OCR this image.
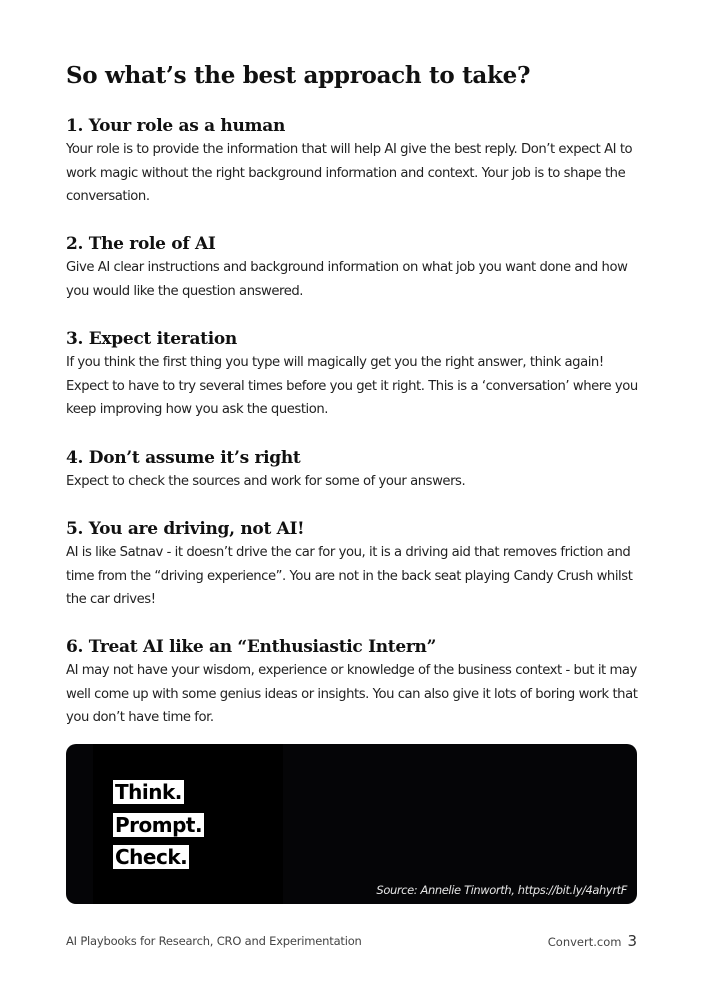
So what’s the best approach to take?
1. Your role as a human

Your role is to provide the information that will help AI give the best reply. Don’t expect AI to work magic without the right background information and context. Your job is to shape the conversation.

2. The role of AI

Give AI clear instructions and background information on what job you want done and how you would like the question answered.

3. Expect iteration

If you think the first thing you type will magically get you the right answer, think again! Expect to have to try several times before you get it right. This is a ‘conversation’ where you keep improving how you ask the question.

4. Don’t assume it’s right

Expect to check the sources and work for some of your answers.

5. You are driving, not AI!

AI is like Satnav - it doesn’t drive the car for you, it is a driving aid that removes friction and time from the “driving experience”. You are not in the back seat playing Candy Crush whilst the car drives!

6. Treat AI like an “Enthusiastic Intern”

AI may not have your wisdom, experience or knowledge of the business context - but it may well come up with some genius ideas or insights. You can also give it lots of boring work that you don’t have time for.

Think.
Prompt.
Check.
Source: Annelie Tinworth, https://bit.ly/4ahyrtF
AI Playbooks for Research, CRO and Experimentation	Convert.com 3
